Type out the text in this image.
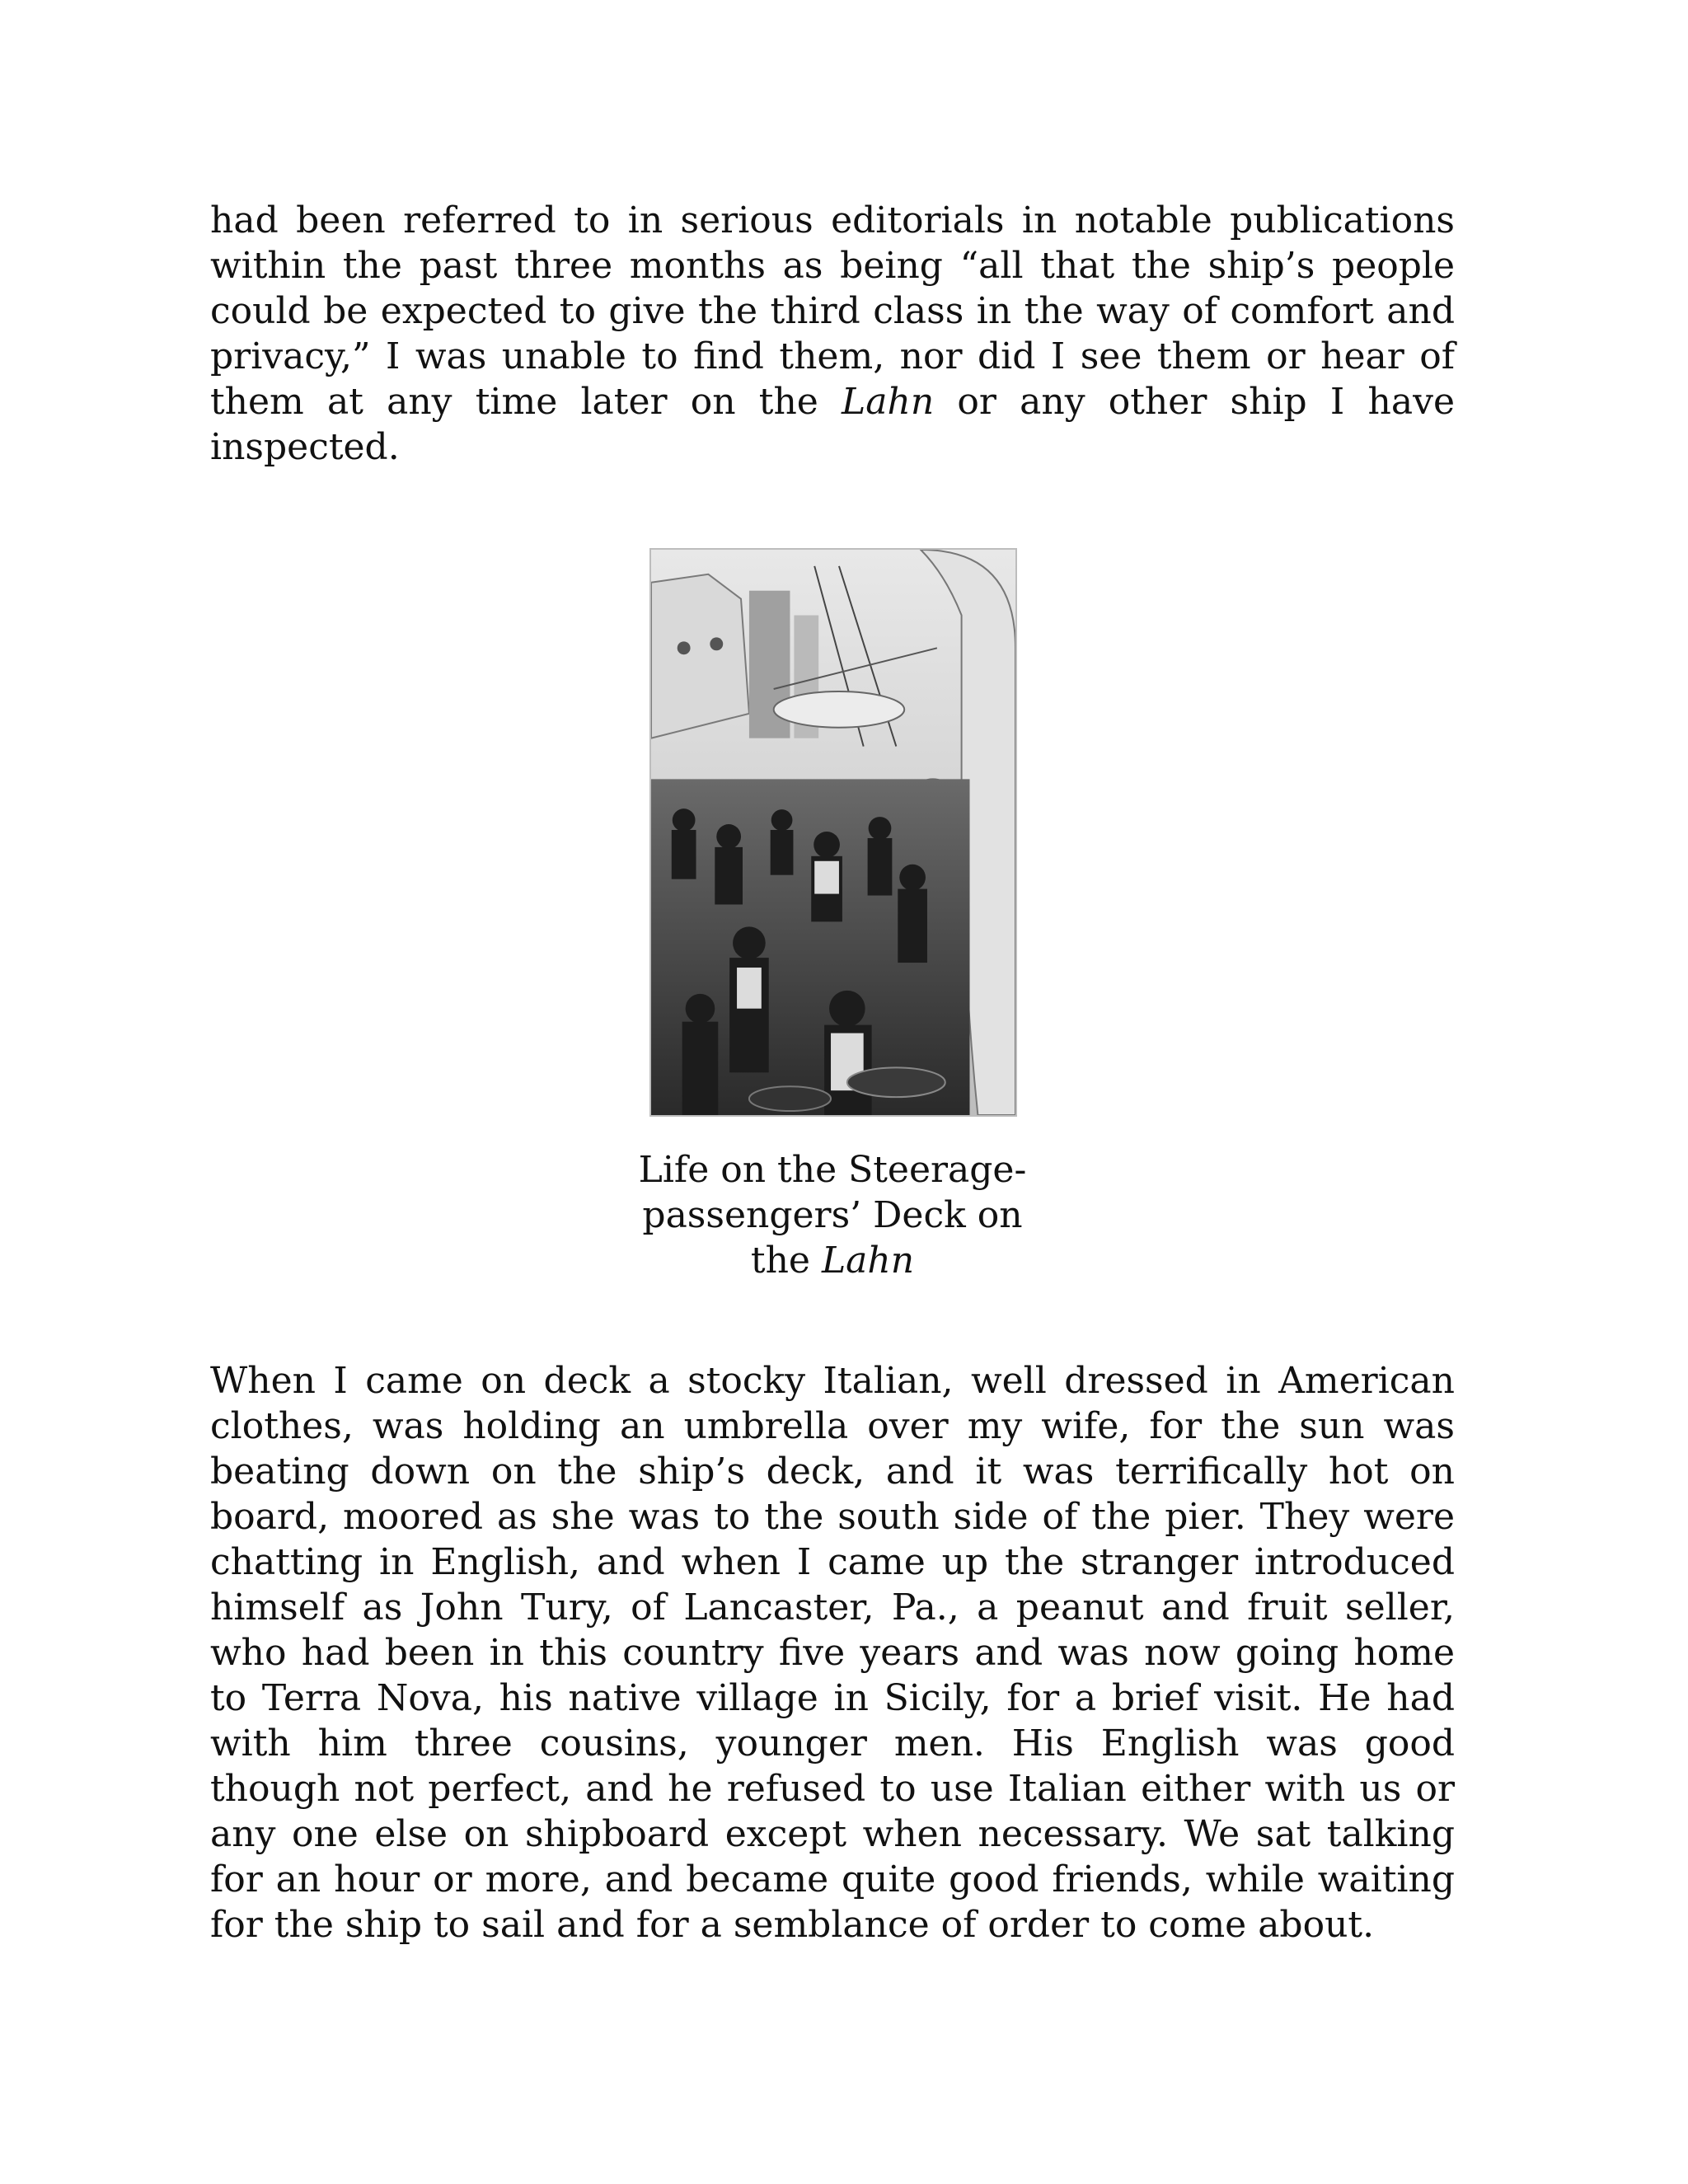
had been referred to in serious editorials in notable publications within the past three months as being “all that the ship’s people could be expected to give the third class in the way of comfort and privacy,” I was unable to find them, nor did I see them or hear of them at any time later on the Lahn or any other ship I have inspected.

Life on the Steerage-
passengers’ Deck on
the Lahn

When I came on deck a stocky Italian, well dressed in American clothes, was holding an umbrella over my wife, for the sun was beating down on the ship’s deck, and it was terrifically hot on board, moored as she was to the south side of the pier. They were chatting in English, and when I came up the stranger introduced himself as John Tury, of Lancaster, Pa., a peanut and fruit seller, who had been in this country five years and was now going home to Terra Nova, his native village in Sicily, for a brief visit. He had with him three cousins, younger men. His English was good though not perfect, and he refused to use Italian either with us or any one else on shipboard except when necessary. We sat talking for an hour or more, and became quite good friends, while waiting for the ship to sail and for a semblance of order to come about.
